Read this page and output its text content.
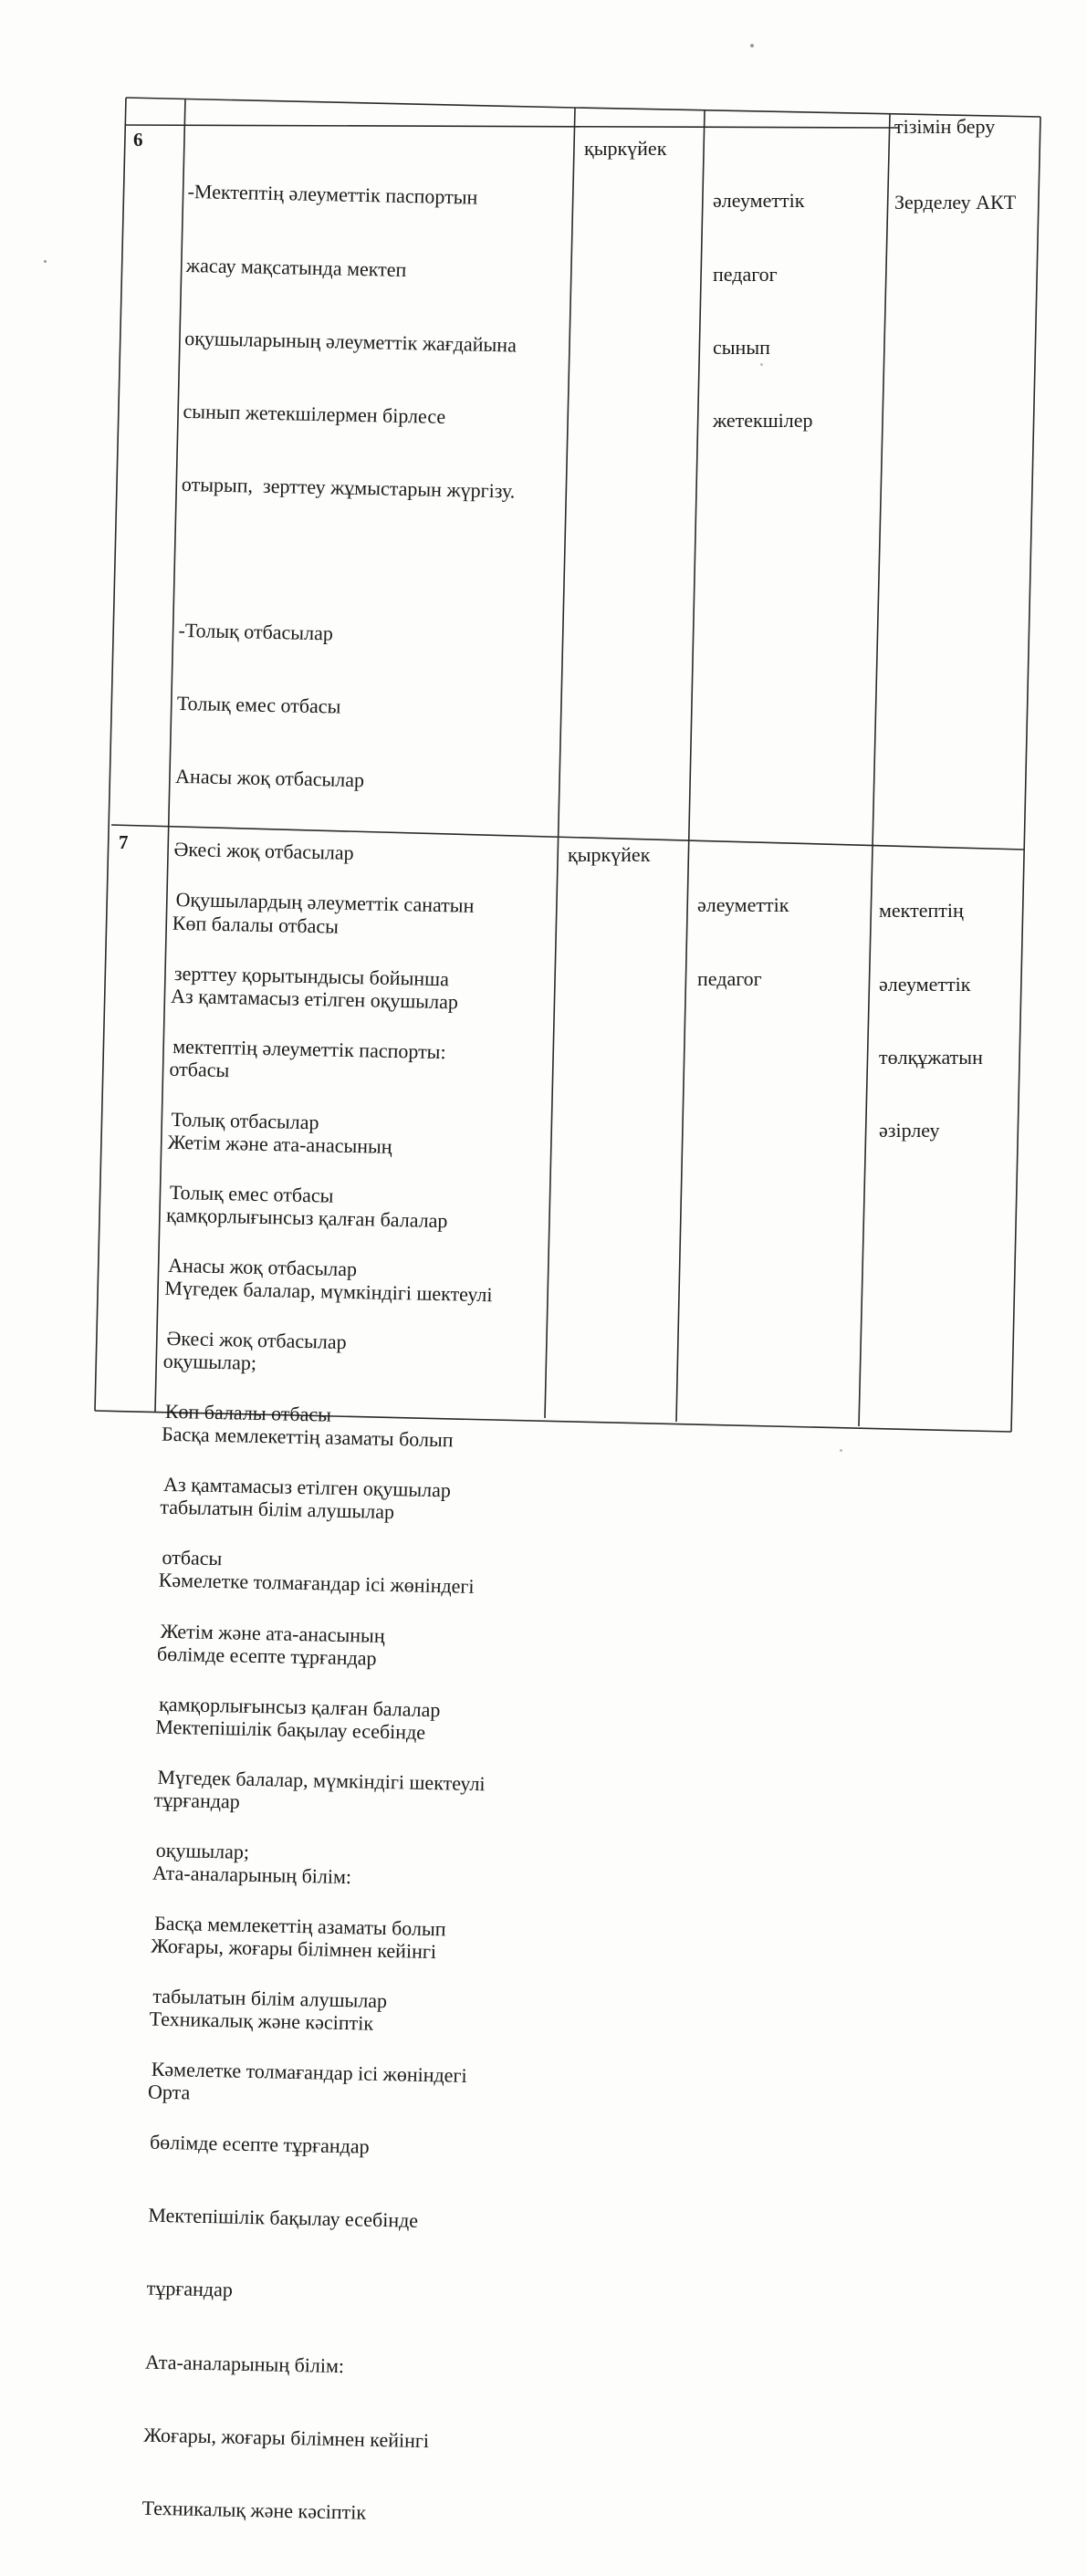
тізімін беру
6

-Мектептің әлеуметтік паспортын

жасау мақсатында мектеп

оқушыларының әлеуметтік жағдайына

сынып жетекшілермен бірлесе

отырып,  зерттеу жұмыстарын жүргізу.

-Толық отбасылар

Толық емес отбасы

Анасы жоқ отбасылар

Әкесі жоқ отбасылар

Көп балалы отбасы

Аз қамтамасыз етілген оқушылар

отбасы

Жетім және ата-анасының

қамқорлығынсыз қалған балалар

Мүгедек балалар, мүмкіндігі шектеулі

оқушылар;

Басқа мемлекеттің азаматы болып

табылатын білім алушылар

Кәмелетке толмағандар ісі жөніндегі

бөлімде есепте тұрғандар

Мектепішілік бақылау есебінде

тұрғандар

Ата-аналарының білім:

Жоғары, жоғары білімнен кейінгі

Техникалық және кәсіптік

Орта

қыркүйек

әлеуметтік

педагог

сынып

жетекшілер

Зерделеу АКТ

7

Оқушылардың әлеуметтік санатын

зерттеу қорытындысы бойынша

мектептің әлеуметтік паспорты:

Толық отбасылар

Толық емес отбасы

Анасы жоқ отбасылар

Әкесі жоқ отбасылар

Көп балалы отбасы

Аз қамтамасыз етілген оқушылар

отбасы

Жетім және ата-анасының

қамқорлығынсыз қалған балалар

Мүгедек балалар, мүмкіндігі шектеулі

оқушылар;

Басқа мемлекеттің азаматы болып

табылатын білім алушылар

Кәмелетке толмағандар ісі жөніндегі

бөлімде есепте тұрғандар

Мектепішілік бақылау есебінде

тұрғандар

Ата-аналарының білім:

Жоғары, жоғары білімнен кейінгі

Техникалық және кәсіптік

қыркүйек

әлеуметтік

педагог

мектептің

әлеуметтік

төлқұжатын

әзірлеу
